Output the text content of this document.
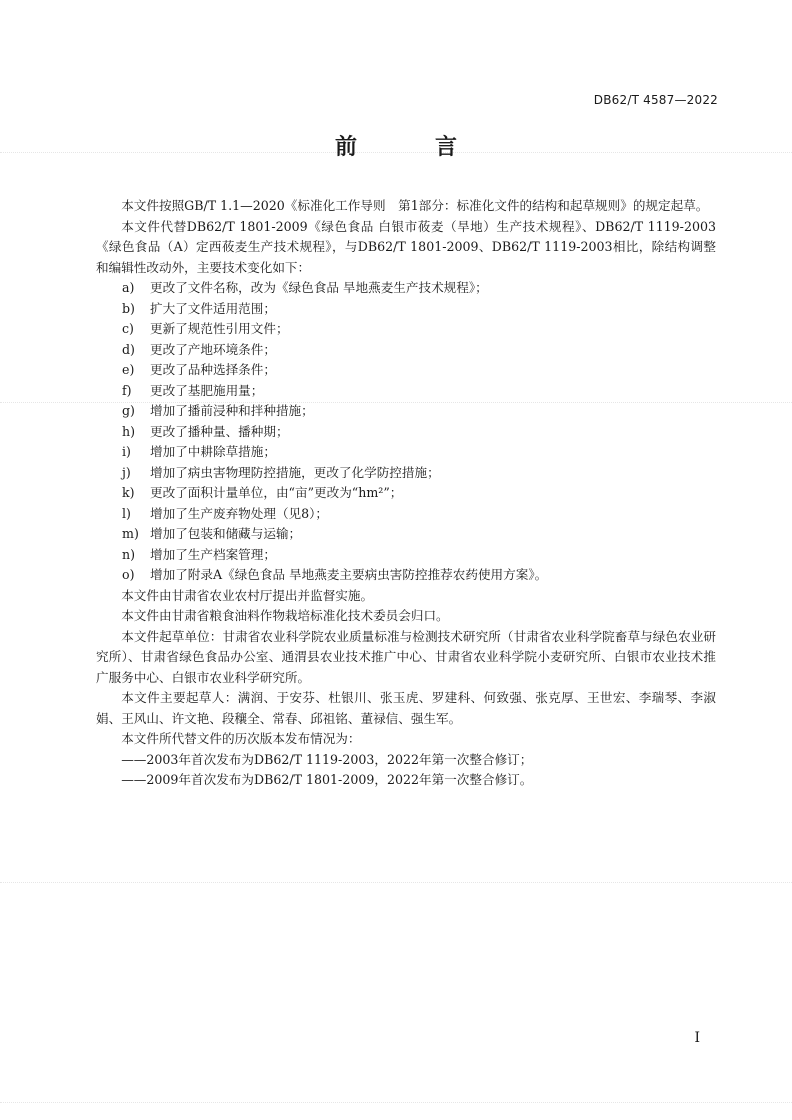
DB62/T 4587—2022
前　言

本文件按照GB/T 1.1—2020《标准化工作导则　第1部分：标准化文件的结构和起草规则》的规定起草。

本文件代替DB62/T 1801-2009《绿色食品 白银市莜麦（旱地）生产技术规程》、DB62/T 1119-2003《绿色食品（A）定西莜麦生产技术规程》，与DB62/T 1801-2009、DB62/T 1119-2003相比，除结构调整和编辑性改动外，主要技术变化如下：

a) 更改了文件名称，改为《绿色食品 旱地燕麦生产技术规程》；

b) 扩大了文件适用范围；

c) 更新了规范性引用文件；

d) 更改了产地环境条件；

e) 更改了品种选择条件；

f) 更改了基肥施用量；

g) 增加了播前浸种和拌种措施；

h) 更改了播种量、播种期；

i) 增加了中耕除草措施；

j) 增加了病虫害物理防控措施，更改了化学防控措施；

k) 更改了面积计量单位，由“亩”更改为“hm²”；

l) 增加了生产废弃物处理（见8）；

m) 增加了包装和储藏与运输；

n) 增加了生产档案管理；

o) 增加了附录A《绿色食品 旱地燕麦主要病虫害防控推荐农药使用方案》。

本文件由甘肃省农业农村厅提出并监督实施。

本文件由甘肃省粮食油料作物栽培标准化技术委员会归口。

本文件起草单位：甘肃省农业科学院农业质量标准与检测技术研究所（甘肃省农业科学院畜草与绿色农业研究所）、甘肃省绿色食品办公室、通渭县农业技术推广中心、甘肃省农业科学院小麦研究所、白银市农业技术推广服务中心、白银市农业科学研究所。

本文件主要起草人：满润、于安芬、杜银川、张玉虎、罗建科、何致强、张克厚、王世宏、李瑞琴、李淑娟、王风山、许文艳、段穰全、常春、邱祖铭、董禄信、强生军。

本文件所代替文件的历次版本发布情况为：

——2003年首次发布为DB62/T 1119-2003，2022年第一次整合修订；

——2009年首次发布为DB62/T 1801-2009，2022年第一次整合修订。

I
